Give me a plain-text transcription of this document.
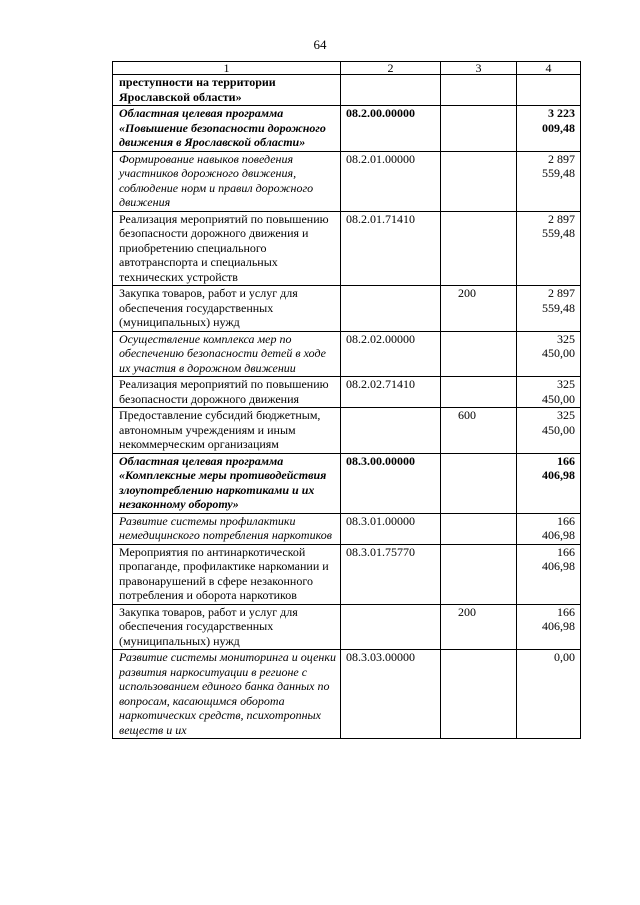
64
1	2	3	4
преступности на территории Ярославской области»			
Областная целевая программа «Повышение безопасности дорожного движения в Ярославской области»	08.2.00.00000		3 223 009,48
Формирование навыков поведения участников дорожного движения, соблюдение норм и правил дорожного движения	08.2.01.00000		2 897 559,48
Реализация мероприятий по повышению безопасности дорожного движения и приобретению специального автотранспорта и специальных технических устройств	08.2.01.71410		2 897 559,48
Закупка товаров, работ и услуг для обеспечения государственных (муниципальных) нужд		200	2 897 559,48
Осуществление комплекса мер по обеспечению безопасности детей в ходе их участия в дорожном движении	08.2.02.00000		325 450,00
Реализация мероприятий по повышению безопасности дорожного движения	08.2.02.71410		325 450,00
Предоставление субсидий бюджетным, автономным учреждениям и иным некоммерческим организациям		600	325 450,00
Областная целевая программа «Комплексные меры противодействия злоупотреблению наркотиками и их незаконному обороту»	08.3.00.00000		166 406,98
Развитие системы профилактики немедицинского потребления наркотиков	08.3.01.00000		166 406,98
Мероприятия по антинаркотической пропаганде, профилактике наркомании и правонарушений в сфере незаконного потребления и оборота наркотиков	08.3.01.75770		166 406,98
Закупка товаров, работ и услуг для обеспечения государственных (муниципальных) нужд		200	166 406,98
Развитие системы мониторинга и оценки развития наркоситуации в регионе с использованием единого банка данных по вопросам, касающимся оборота наркотических средств, психотропных веществ и их	08.3.03.00000		0,00
